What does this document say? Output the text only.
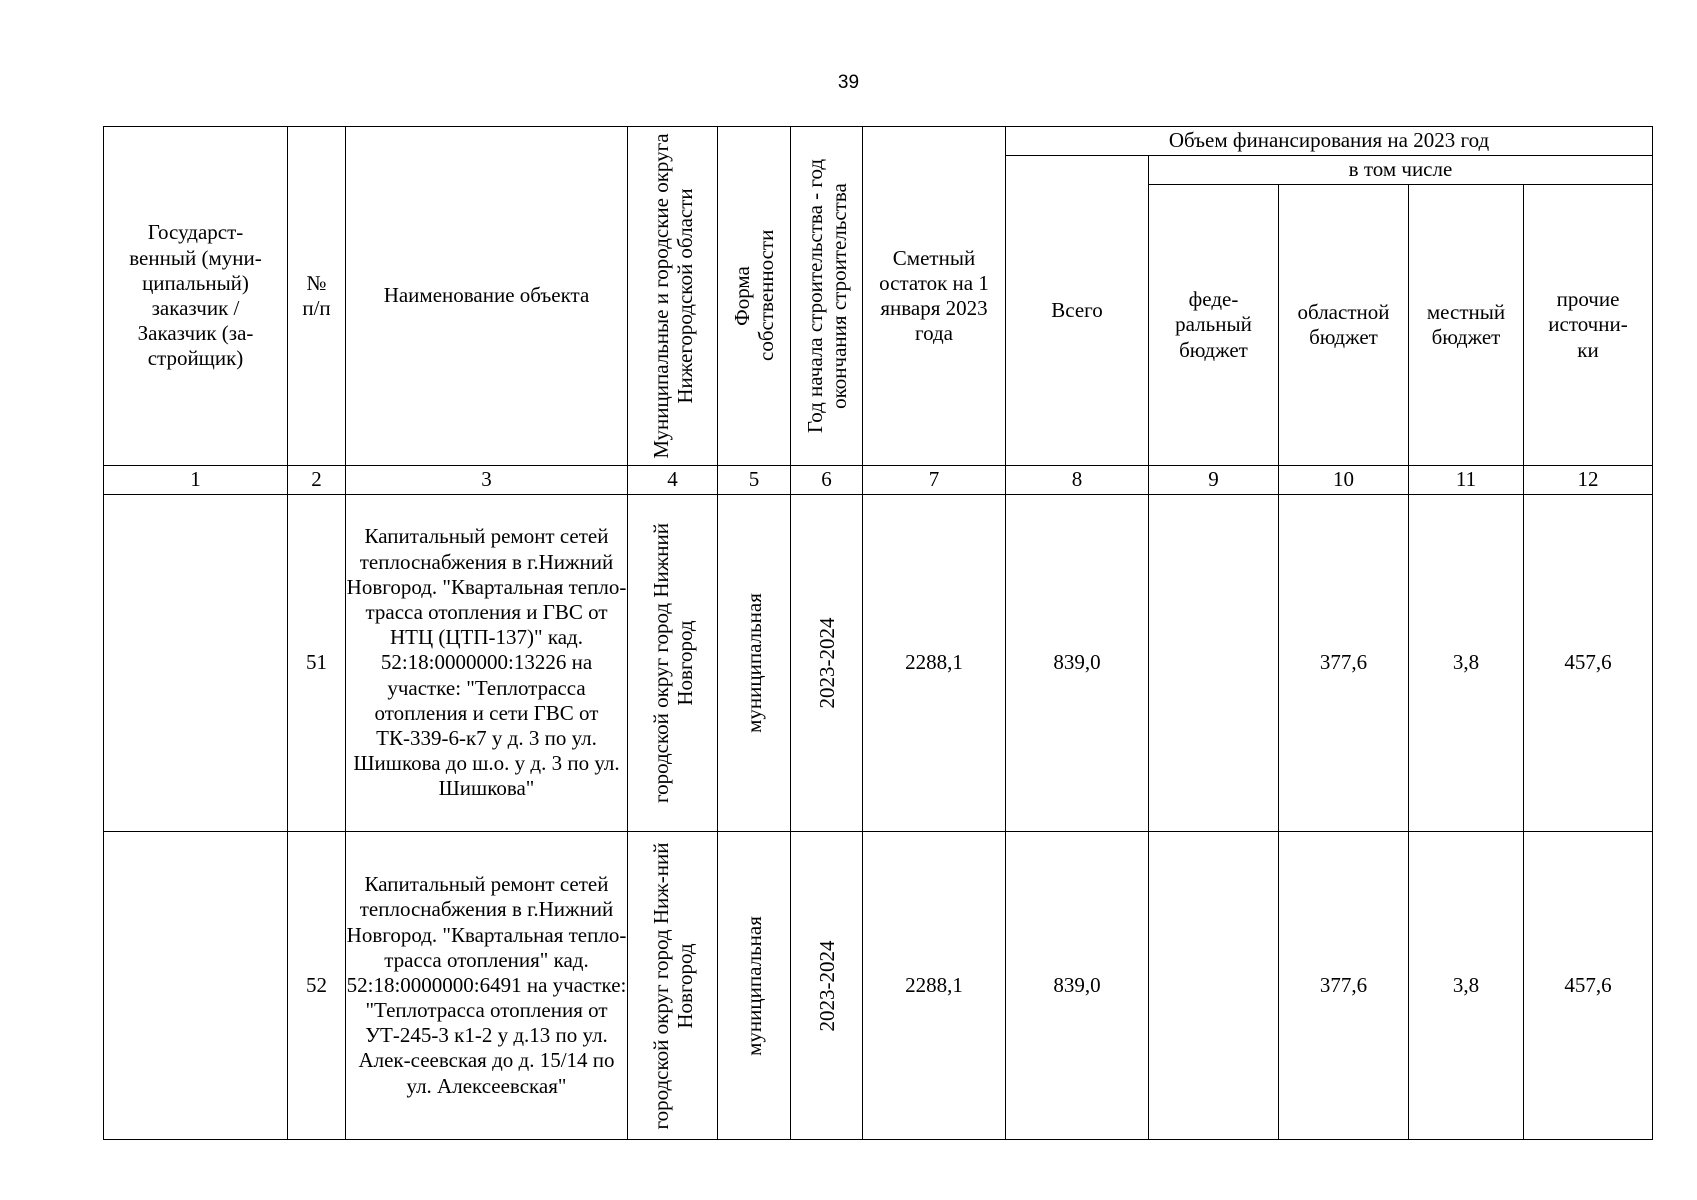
39
Государст-венный (муни-ципальный) заказчик / Заказчик (за-стройщик)	№ п/п	Наименование объекта	Муниципальные и городские округа Нижегородской области	Форма собственности	Год начала строительства - год окончания строительства	Сметный остаток на 1 января 2023 года	Объем финансирования на 2023 год				
							Всего	в том числе			
								феде-ральный бюджет	областной бюджет	местный бюджет	прочие источни-ки
1	2	3	4	5	6	7	8	9	10	11	12
	51	Капитальный ремонт сетей теплоснабжения в г.Нижний Новгород. "Квартальная тепло-трасса отопления и ГВС от НТЦ (ЦТП-137)" кад. 52:18:0000000:13226 на участке: "Теплотрасса отопления и сети ГВС от ТК-339-6-к7 у д. 3 по ул. Шишкова до ш.о. у д. 3 по ул. Шишкова"	городской округ город Нижний Новгород	муниципальная	2023-2024	2288,1	839,0		377,6	3,8	457,6
	52	Капитальный ремонт сетей теплоснабжения в г.Нижний Новгород. "Квартальная тепло-трасса отопления" кад. 52:18:0000000:6491 на участке: "Теплотрасса отопления от УТ-245-3 к1-2 у д.13 по ул. Алек-сеевская до д. 15/14 по ул. Алексеевская"	городской округ город Ниж-ний Новгород	муниципальная	2023-2024	2288,1	839,0		377,6	3,8	457,6
